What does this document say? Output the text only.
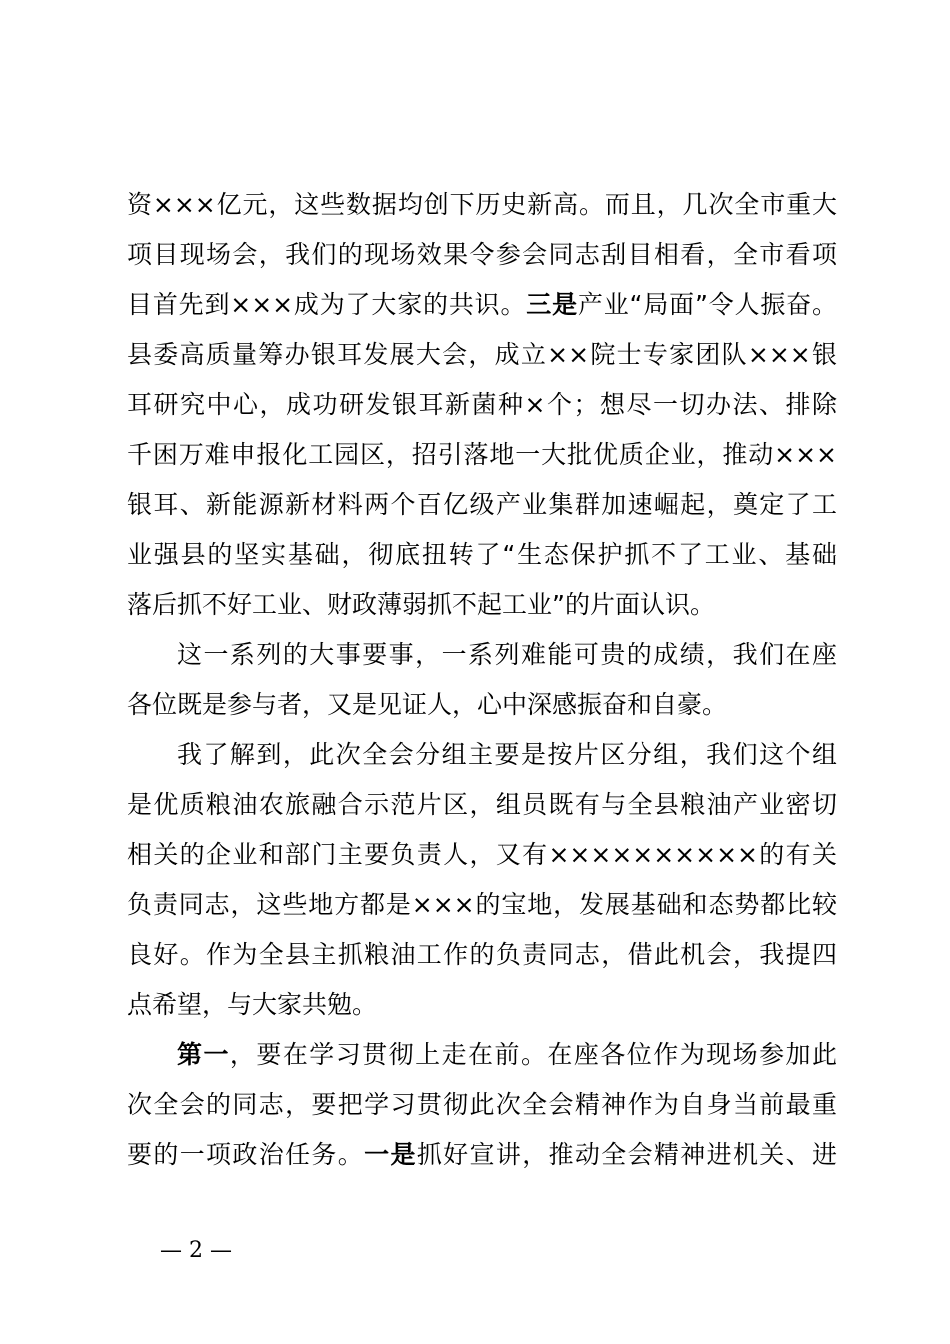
资×××亿元，这些数据均创下历史新高。而且，几次全市重大
项目现场会，我们的现场效果令参会同志刮目相看，全市看项
目首先到×××成为了大家的共识。三是产业“局面”令人振奋。
县委高质量筹办银耳发展大会，成立××院士专家团队×××银
耳研究中心，成功研发银耳新菌种×个；想尽一切办法、排除
千困万难申报化工园区，招引落地一大批优质企业，推动×××
银耳、新能源新材料两个百亿级产业集群加速崛起，奠定了工
业强县的坚实基础，彻底扭转了“生态保护抓不了工业、基础
落后抓不好工业、财政薄弱抓不起工业”的片面认识。
这一系列的大事要事，一系列难能可贵的成绩，我们在座
各位既是参与者，又是见证人，心中深感振奋和自豪。
我了解到，此次全会分组主要是按片区分组，我们这个组
是优质粮油农旅融合示范片区，组员既有与全县粮油产业密切
相关的企业和部门主要负责人，又有××××××××××的有关
负责同志，这些地方都是×××的宝地，发展基础和态势都比较
良好。作为全县主抓粮油工作的负责同志，借此机会，我提四
点希望，与大家共勉。
第一，要在学习贯彻上走在前。在座各位作为现场参加此
次全会的同志，要把学习贯彻此次全会精神作为自身当前最重
要的一项政治任务。一是抓好宣讲，推动全会精神进机关、进
— 2 —
